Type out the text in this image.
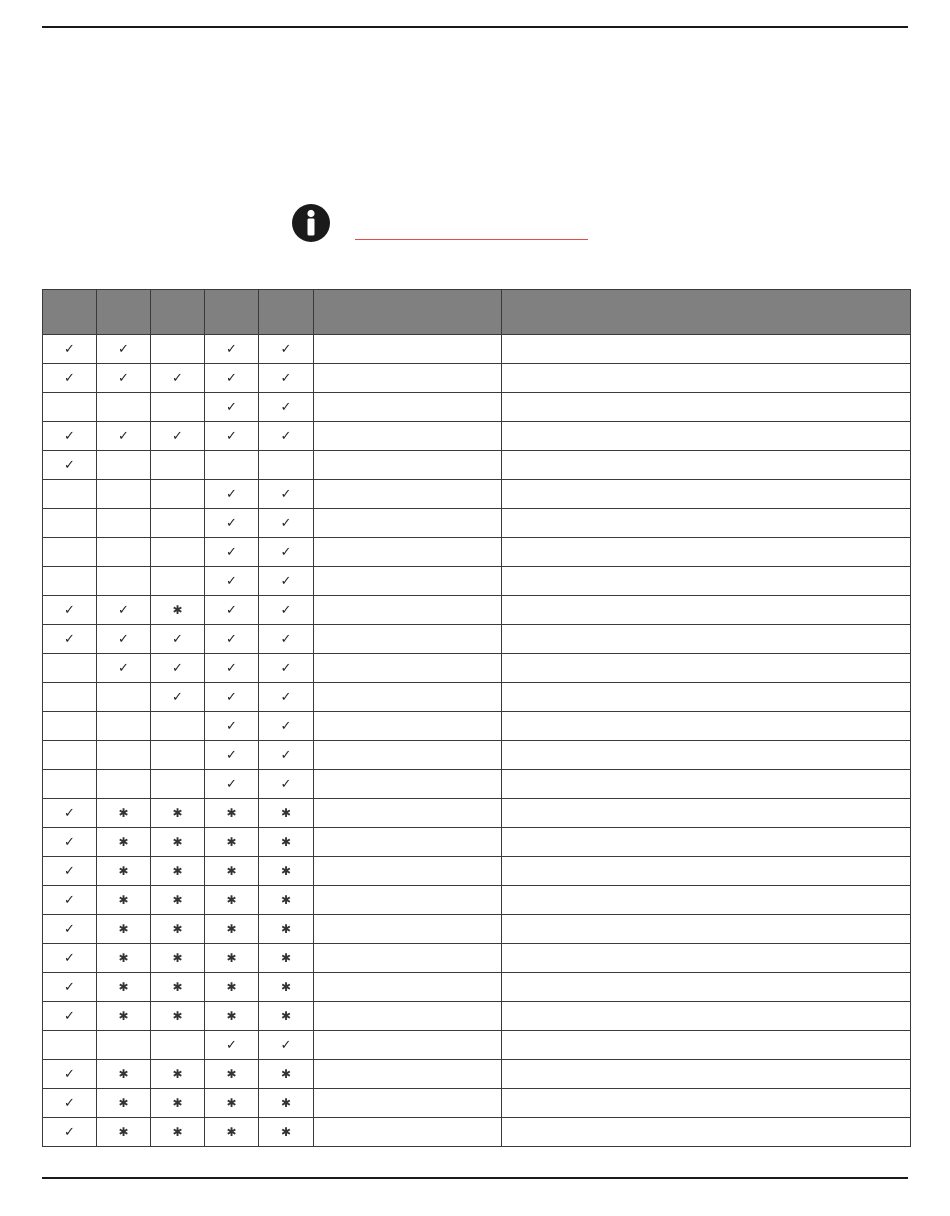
✓	✓		✓	✓		
✓	✓	✓	✓	✓		
			✓	✓		
✓	✓	✓	✓	✓		
✓						
			✓	✓		
			✓	✓		
			✓	✓		
			✓	✓		
✓	✓	✱	✓	✓		
✓	✓	✓	✓	✓		
	✓	✓	✓	✓		
		✓	✓	✓		
			✓	✓		
			✓	✓		
			✓	✓		
✓	✱	✱	✱	✱		
✓	✱	✱	✱	✱		
✓	✱	✱	✱	✱		
✓	✱	✱	✱	✱		
✓	✱	✱	✱	✱		
✓	✱	✱	✱	✱		
✓	✱	✱	✱	✱		
✓	✱	✱	✱	✱		
			✓	✓		
✓	✱	✱	✱	✱		
✓	✱	✱	✱	✱		
✓	✱	✱	✱	✱		
